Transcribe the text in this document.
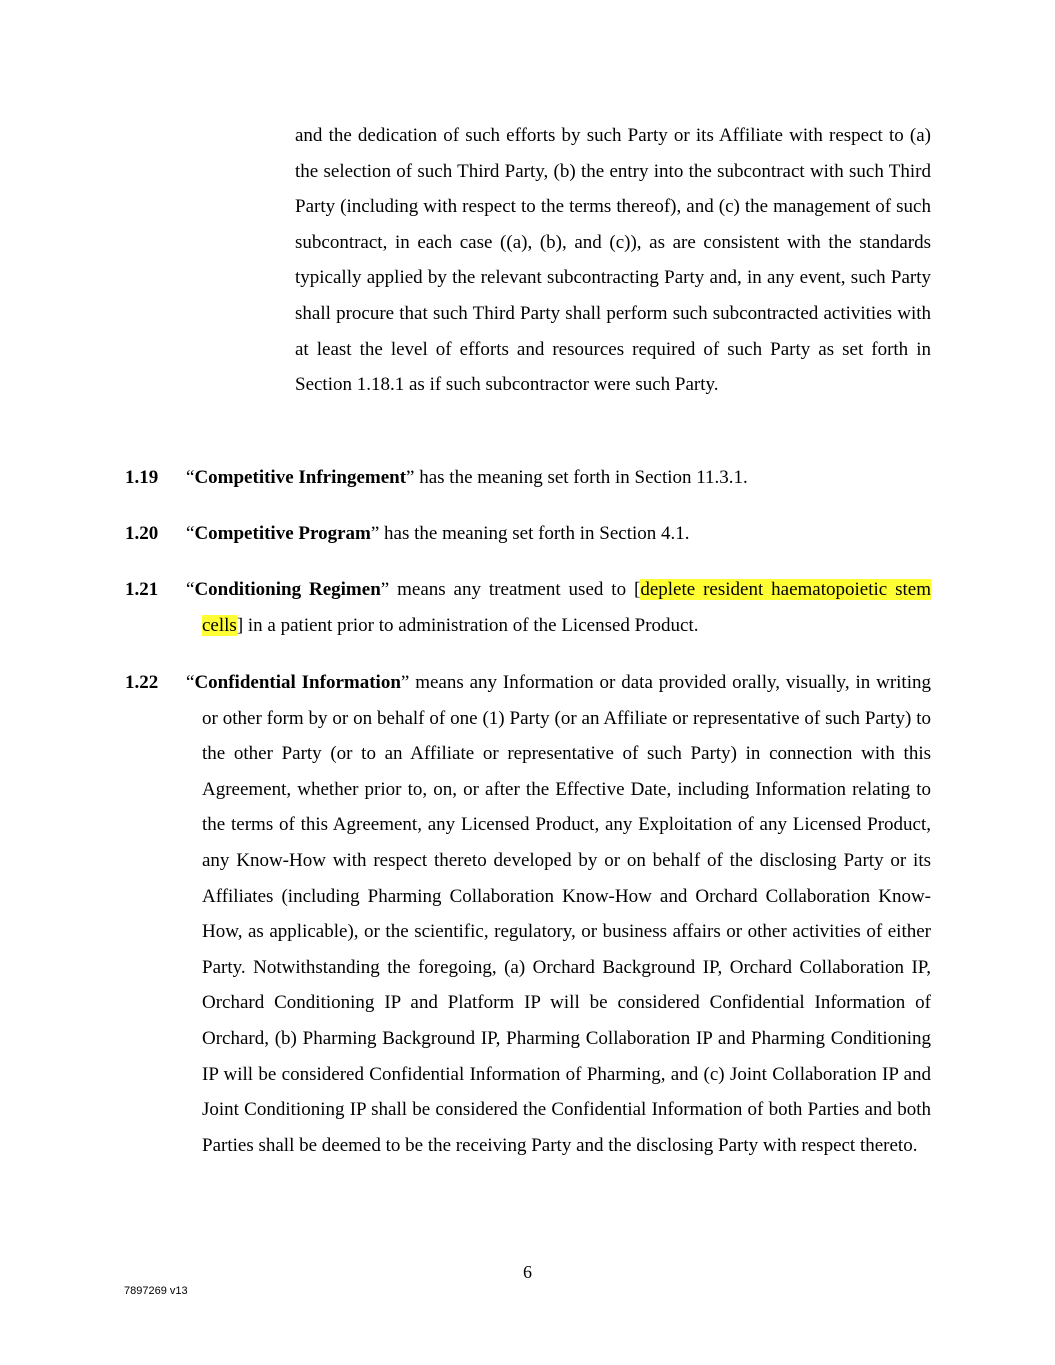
and the dedication of such efforts by such Party or its Affiliate with respect to (a) the selection of such Third Party, (b) the entry into the subcontract with such Third Party (including with respect to the terms thereof), and (c) the management of such subcontract, in each case ((a), (b), and (c)), as are consistent with the standards typically applied by the relevant subcontracting Party and, in any event, such Party shall procure that such Third Party shall perform such subcontracted activities with at least the level of efforts and resources required of such Party as set forth in Section 1.18.1 as if such subcontractor were such Party.

1.19	“Competitive Infringement” has the meaning set forth in Section 11.3.1.

1.20	“Competitive Program” has the meaning set forth in Section 4.1.

1.21	“Conditioning Regimen” means any treatment used to [deplete resident haematopoietic stem cells] in a patient prior to administration of the Licensed Product.

1.22	“Confidential Information” means any Information or data provided orally, visually, in writing or other form by or on behalf of one (1) Party (or an Affiliate or representative of such Party) to the other Party (or to an Affiliate or representative of such Party) in connection with this Agreement, whether prior to, on, or after the Effective Date, including Information relating to the terms of this Agreement, any Licensed Product, any Exploitation of any Licensed Product, any Know-How with respect thereto developed by or on behalf of the disclosing Party or its Affiliates (including Pharming Collaboration Know-How and Orchard Collaboration Know-How, as applicable), or the scientific, regulatory, or business affairs or other activities of either Party. Notwithstanding the foregoing, (a) Orchard Background IP, Orchard Collaboration IP, Orchard Conditioning IP and Platform IP will be considered Confidential Information of Orchard, (b) Pharming Background IP, Pharming Collaboration IP and Pharming Conditioning IP will be considered Confidential Information of Pharming, and (c) Joint Collaboration IP and Joint Conditioning IP shall be considered the Confidential Information of both Parties and both Parties shall be deemed to be the receiving Party and the disclosing Party with respect thereto.

6
7897269 v13
